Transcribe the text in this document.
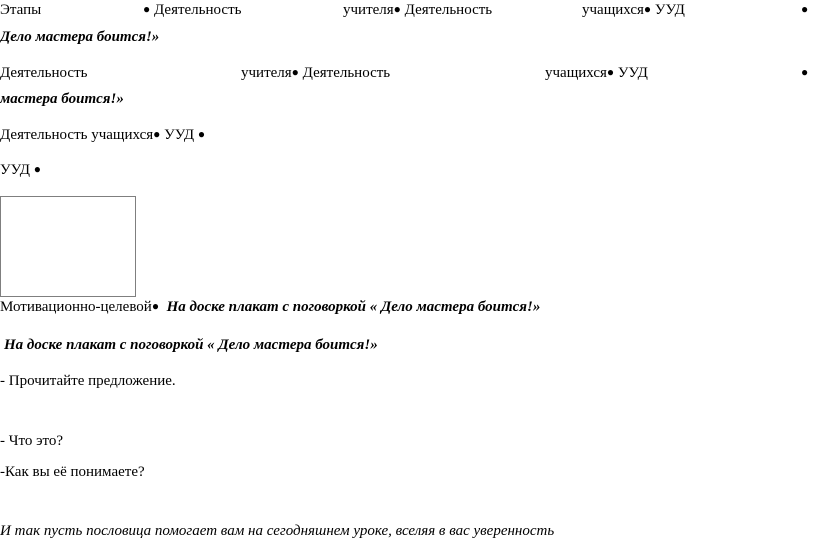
Этапы	● Деятельность	учителя● Деятельность	учащихся● УУД	●
Дело мастера боится!»
Деятельность	учителя● Деятельность	учащихся● УУД	●
мастера боится!»
Деятельность учащихся● УУД ●
УУД ●
Мотивационно-целевой● На доске плакат с поговоркой « Дело мастера боится!»
На доске плакат с поговоркой « Дело мастера боится!»
- Прочитайте предложение.
- Что это?
-Как вы её понимаете?
И так пусть пословица помогает вам на сегодняшнем уроке, вселяя в вас уверенность
